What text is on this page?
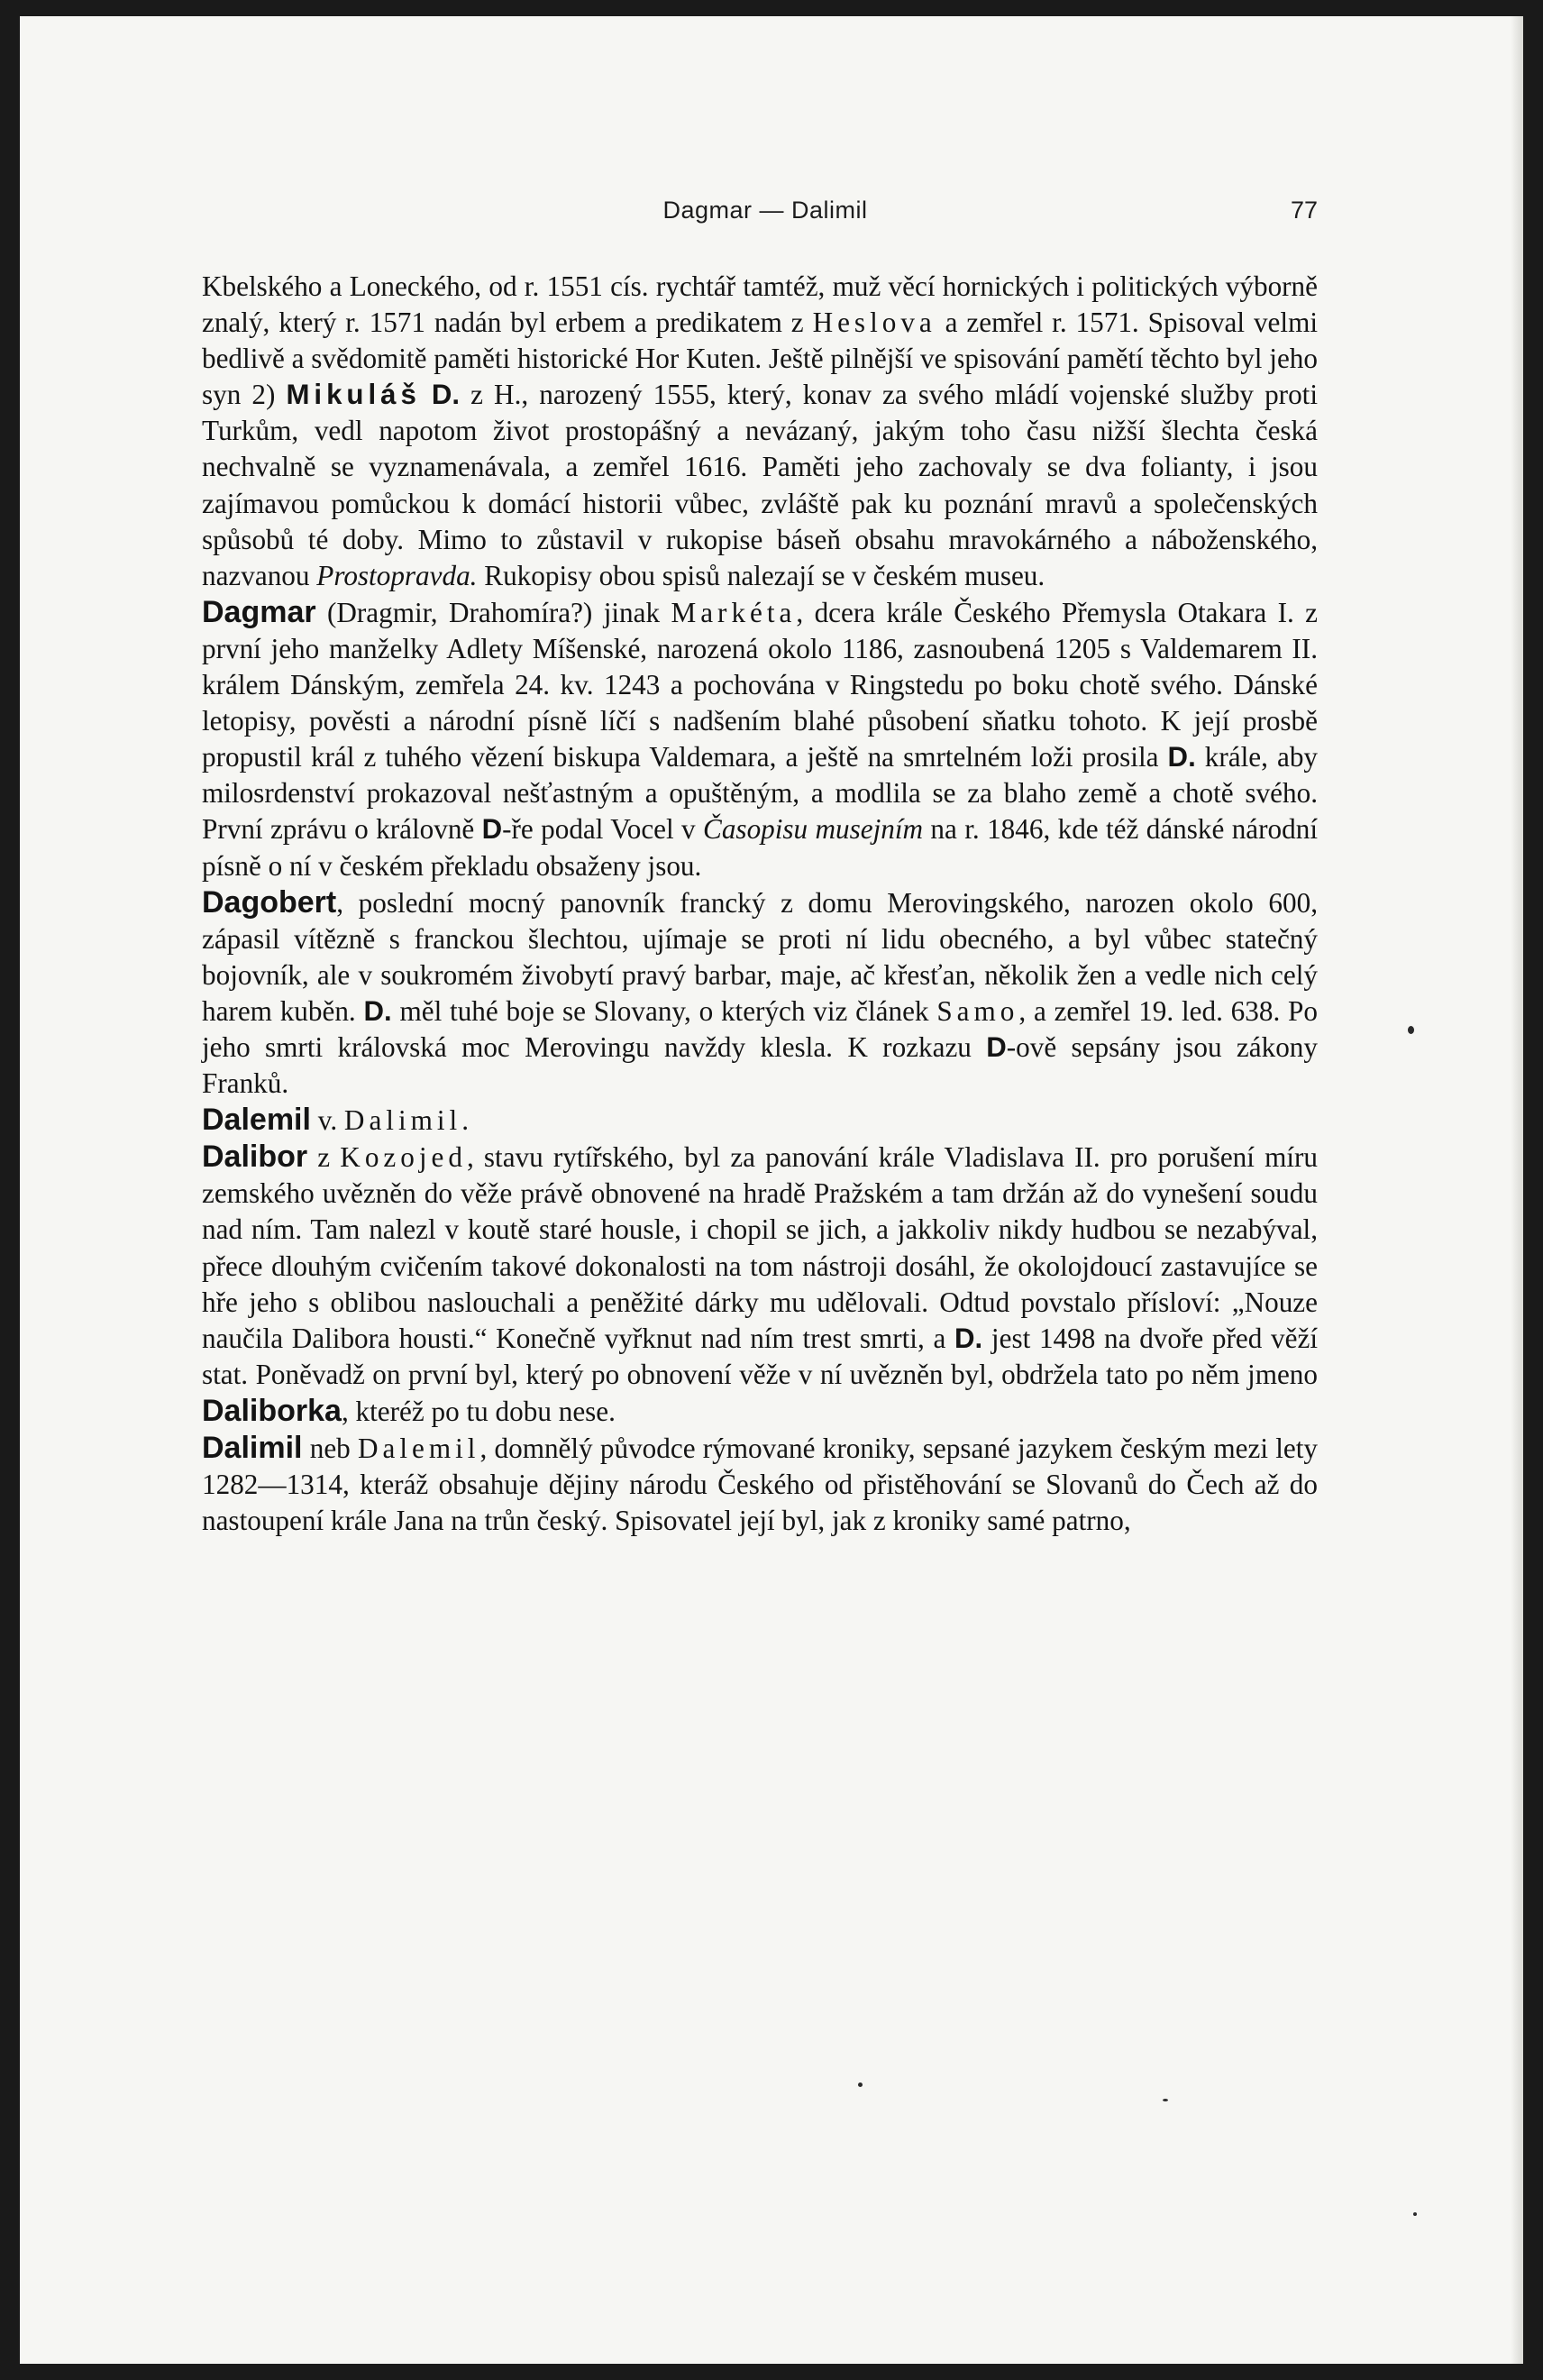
Dagmar — Dalimil	77

Kbelského a Loneckého, od r. 1551 cís. rychtář tamtéž, muž věcí hornických i politických výborně znalý, který r. 1571 nadán byl erbem a predikatem z Heslova a zemřel r. 1571. Spisoval velmi bedlivě a svědomitě paměti historické Hor Kuten. Ještě pilnější ve spisování pamětí těchto byl jeho syn 2) Mikuláš D. z H., narozený 1555, který, konav za svého mládí vojenské služby proti Turkům, vedl napotom život prostopášný a nevázaný, jakým toho času nižší šlechta česká nechvalně se vyznamenávala, a zemřel 1616. Paměti jeho zachovaly se dva folianty, i jsou zajímavou pomůckou k domácí historii vůbec, zvláště pak ku poznání mravů a společenských spůsobů té doby. Mimo to zůstavil v rukopise báseň obsahu mravokárného a náboženského, nazvanou Prostopravda. Rukopisy obou spisů nalezají se v českém museu.

Dagmar (Dragmir, Drahomíra?) jinak Markéta, dcera krále Českého Přemysla Otakara I. z první jeho manželky Adlety Míšenské, narozená okolo 1186, zasnoubená 1205 s Valdemarem II. králem Dánským, zemřela 24. kv. 1243 a pochována v Ringstedu po boku chotě svého. Dánské letopisy, pověsti a národní písně líčí s nadšením blahé působení sňatku tohoto. K její prosbě propustil král z tuhého vězení biskupa Valdemara, a ještě na smrtelném loži prosila D. krále, aby milosrdenství prokazoval nešťastným a opuštěným, a modlila se za blaho země a chotě svého. První zprávu o královně D-ře podal Vocel v Časopisu musejním na r. 1846, kde též dánské národní písně o ní v českém překladu obsaženy jsou.

Dagobert, poslední mocný panovník francký z domu Merovingského, narozen okolo 600, zápasil vítězně s franckou šlechtou, ujímaje se proti ní lidu obecného, a byl vůbec statečný bojovník, ale v soukromém živobytí pravý barbar, maje, ač křesťan, několik žen a vedle nich celý harem kuběn. D. měl tuhé boje se Slovany, o kterých viz článek Samo, a zemřel 19. led. 638. Po jeho smrti královská moc Merovingu navždy klesla. K rozkazu D-ově sepsány jsou zákony Franků.

Dalemil v. Dalimil.

Dalibor z Kozojed, stavu rytířského, byl za panování krále Vladislava II. pro porušení míru zemského uvězněn do věže právě obnovené na hradě Pražském a tam držán až do vynešení soudu nad ním. Tam nalezl v koutě staré housle, i chopil se jich, a jakkoliv nikdy hudbou se nezabýval, přece dlouhým cvičením takové dokonalosti na tom nástroji dosáhl, že okolojdoucí zastavujíce se hře jeho s oblibou naslouchali a peněžité dárky mu udělovali. Odtud povstalo přísloví: „Nouze naučila Dalibora housti.“ Konečně vyřknut nad ním trest smrti, a D. jest 1498 na dvoře před věží stat. Poněvadž on první byl, který po obnovení věže v ní uvězněn byl, obdržela tato po něm jmeno Daliborka, kteréž po tu dobu nese.

Dalimil neb Dalemil, domnělý původce rýmované kroniky, sepsané jazykem českým mezi lety 1282—1314, kteráž obsahuje dějiny národu Českého od přistěhování se Slovanů do Čech až do nastoupení krále Jana na trůn český. Spisovatel její byl, jak z kroniky samé patrno,
